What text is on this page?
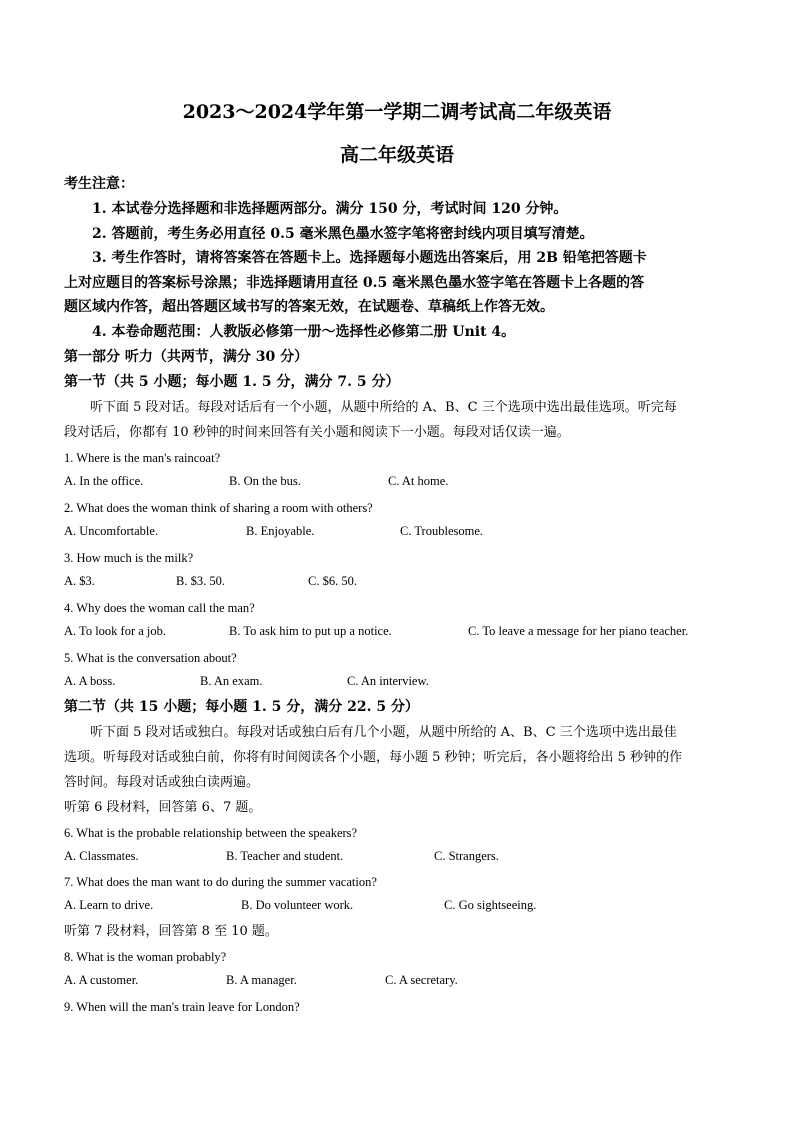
2023～2024学年第一学期二调考试高二年级英语
高二年级英语
考生注意：
1. 本试卷分选择题和非选择题两部分。满分 150 分，考试时间 120 分钟。
2. 答题前，考生务必用直径 0.5 毫米黑色墨水签字笔将密封线内项目填写清楚。
3. 考生作答时，请将答案答在答题卡上。选择题每小题选出答案后，用 2B 铅笔把答题卡
上对应题目的答案标号涂黑；非选择题请用直径 0.5 毫米黑色墨水签字笔在答题卡上各题的答
题区域内作答，超出答题区域书写的答案无效，在试题卷、草稿纸上作答无效。
4. 本卷命题范围：人教版必修第一册～选择性必修第二册 Unit 4。
第一部分 听力（共两节，满分 30 分）
第一节（共 5 小题；每小题 1. 5 分，满分 7. 5 分）
听下面 5 段对话。每段对话后有一个小题，从题中所给的 A、B、C 三个选项中选出最佳选项。听完每
段对话后，你都有 10 秒钟的时间来回答有关小题和阅读下一小题。每段对话仅读一遍。
1. Where is the man's raincoat?
A. In the office.	B. On the bus.	C. At home.
2. What does the woman think of sharing a room with others?
A. Uncomfortable.	B. Enjoyable.	C. Troublesome.
3. How much is the milk?
A. $3.	B. $3. 50.	C. $6. 50.
4. Why does the woman call the man?
A. To look for a job.	B. To ask him to put up a notice.	C. To leave a message for her piano teacher.
5. What is the conversation about?
A. A boss.	B. An exam.	C. An interview.
第二节（共 15 小题；每小题 1. 5 分，满分 22. 5 分）
听下面 5 段对话或独白。每段对话或独白后有几个小题，从题中所给的 A、B、C 三个选项中选出最佳
选项。听每段对话或独白前，你将有时间阅读各个小题，每小题 5 秒钟；听完后，各小题将给出 5 秒钟的作
答时间。每段对话或独白读两遍。
听第 6 段材料，回答第 6、7 题。
6. What is the probable relationship between the speakers?
A. Classmates.	B. Teacher and student.	C. Strangers.
7. What does the man want to do during the summer vacation?
A. Learn to drive.	B. Do volunteer work.	C. Go sightseeing.
听第 7 段材料，回答第 8 至 10 题。
8. What is the woman probably?
A. A customer.	B. A manager.	C. A secretary.
9. When will the man's train leave for London?
